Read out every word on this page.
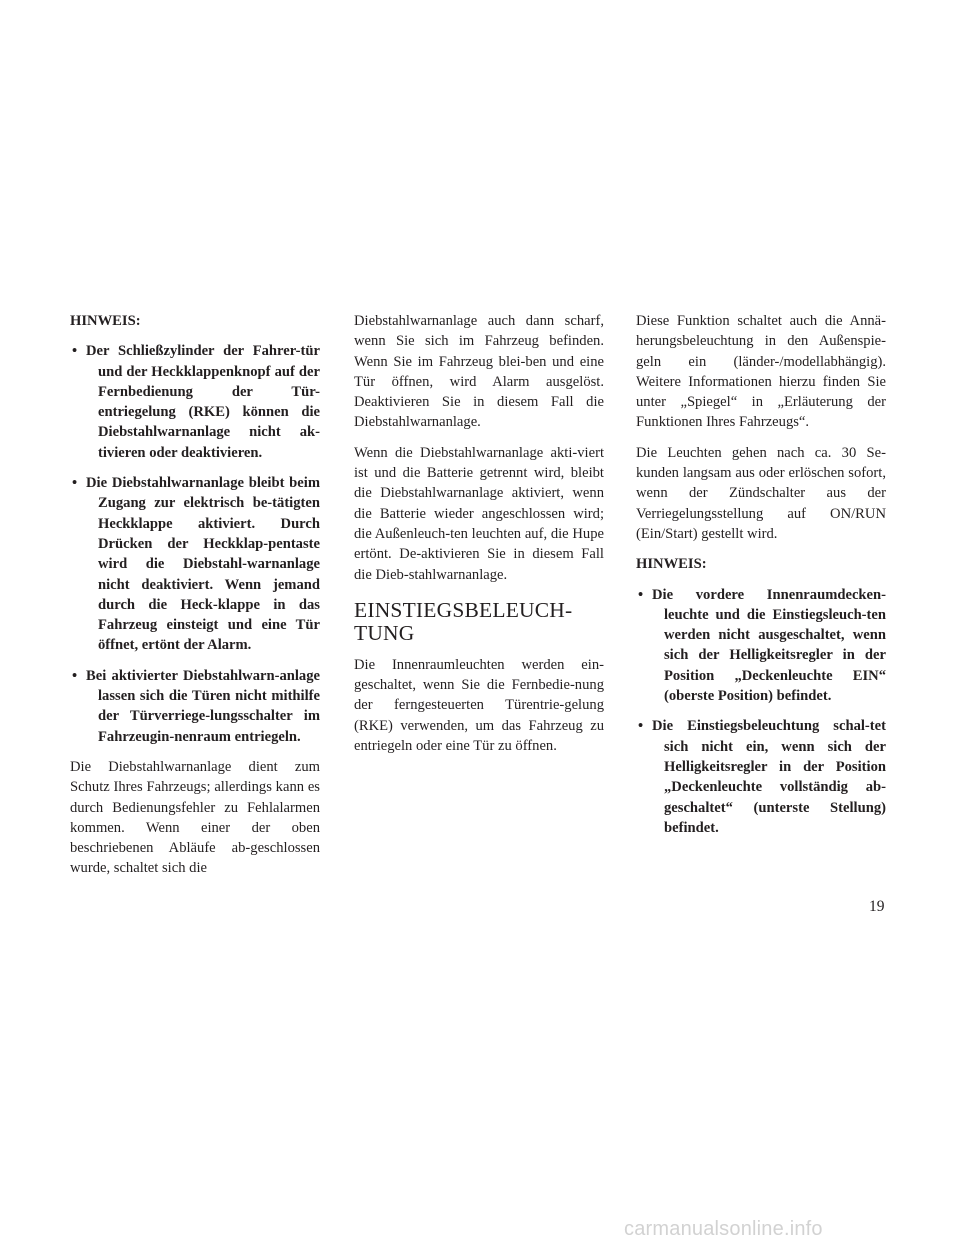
HINWEIS:
• Der Schließzylinder der Fahrer-tür und der Heckklappenknopf auf der Fernbedienung der Tür-entriegelung (RKE) können die Diebstahlwarnanlage nicht ak-tivieren oder deaktivieren.
• Die Diebstahlwarnanlage bleibt beim Zugang zur elektrisch be-tätigten Heckklappe aktiviert. Durch Drücken der Heckklap-pentaste wird die Diebstahl-warnanlage nicht deaktiviert. Wenn jemand durch die Heck-klappe in das Fahrzeug einsteigt und eine Tür öffnet, ertönt der Alarm.
• Bei aktivierter Diebstahlwarn-anlage lassen sich die Türen nicht mithilfe der Türverriege-lungsschalter im Fahrzeugin-nenraum entriegeln.

Die Diebstahlwarnanlage dient zum Schutz Ihres Fahrzeugs; allerdings kann es durch Bedienungsfehler zu Fehlalarmen kommen. Wenn einer der oben beschriebenen Abläufe ab-geschlossen wurde, schaltet sich die

Diebstahlwarnanlage auch dann scharf, wenn Sie sich im Fahrzeug befinden. Wenn Sie im Fahrzeug blei-ben und eine Tür öffnen, wird Alarm ausgelöst. Deaktivieren Sie in diesem Fall die Diebstahlwarnanlage.

Wenn die Diebstahlwarnanlage akti-viert ist und die Batterie getrennt wird, bleibt die Diebstahlwarnanlage aktiviert, wenn die Batterie wieder angeschlossen wird; die Außenleuch-ten leuchten auf, die Hupe ertönt. De-aktivieren Sie in diesem Fall die Dieb-stahlwarnanlage.

EINSTIEGSBELEUCH-
TUNG

Die Innenraumleuchten werden ein-geschaltet, wenn Sie die Fernbedie-nung der ferngesteuerten Türentrie-gelung (RKE) verwenden, um das Fahrzeug zu entriegeln oder eine Tür zu öffnen.

Diese Funktion schaltet auch die Annä-herungsbeleuchtung in den Außenspie-geln ein (länder-/modellabhängig). Weitere Informationen hierzu finden Sie unter „Spiegel“ in „Erläuterung der Funktionen Ihres Fahrzeugs“.

Die Leuchten gehen nach ca. 30 Se-kunden langsam aus oder erlöschen sofort, wenn der Zündschalter aus der Verriegelungsstellung auf ON/RUN (Ein/Start) gestellt wird.

HINWEIS:
• Die vordere Innenraumdecken-leuchte und die Einstiegsleuch-ten werden nicht ausgeschaltet, wenn sich der Helligkeitsregler in der Position „Deckenleuchte EIN“ (oberste Position) befindet.
• Die Einstiegsbeleuchtung schal-tet sich nicht ein, wenn sich der Helligkeitsregler in der Position „Deckenleuchte vollständig ab-geschaltet“ (unterste Stellung) befindet.
19
carmanualsonline.info
